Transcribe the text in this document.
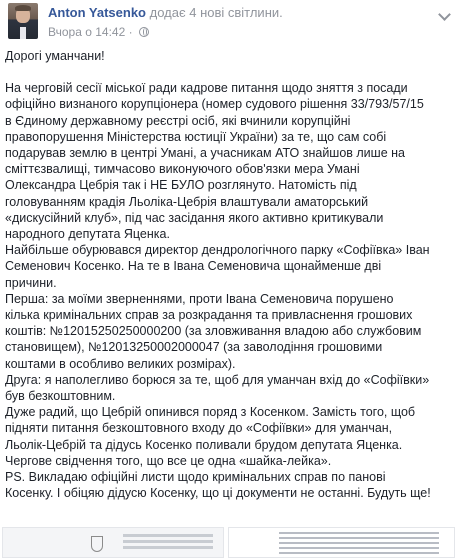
Anton Yatsenko додає 4 нові світлини.
Вчора о 14:42 ·

Дорогі уманчани!

На черговій сесії міської ради кадрове питання щодо зняття з посади
офіційно визнаного корупціонера (номер судового рішення 33/793/57/15
в Єдиному державному реєстрі осіб, які вчинили корупційні
правопорушення Міністерства юстиції України) за те, що сам собі
подарував землю в центрі Умані, а учасникам АТО знайшов лише на
сміттєзвалищі, тимчасово виконуючого обов'язки мера Умані
Олександра Цебрія так і НЕ БУЛО розглянуто. Натомість під
головуванням крадія Льоліка-Цебрія влаштували аматорський
«дискусійний клуб», під час засідання якого активно критикували
народного депутата Яценка.

Найбільше обурювався директор дендрологічного парку «Софіївка» Іван
Семенович Косенко. На те в Івана Семеновича щонайменше дві
причини.

Перша: за моїми зверненнями, проти Івана Семеновича порушено
кілька кримінальних справ за розкрадання та привласнення грошових
коштів: №12015250250000200 (за зловживання владою або службовим
становищем), №12013250002000047 (за заволодіння грошовими
коштами в особливо великих розмірах).

Друга: я наполегливо борюся за те, щоб для уманчан вхід до «Софіївки»
був безкоштовним.

Дуже радий, що Цебрій опинився поряд з Косенком. Замість того, щоб
підняти питання безкоштовного входу до «Софіївки» для уманчан,
Льолік-Цебрій та дідусь Косенко поливали брудом депутата Яценка.
Чергове свідчення того, що все це одна «шайка-лейка».
PS. Викладаю офіційні листи щодо кримінальних справ по панові
Косенку. І обіцяю дідусю Косенку, що ці документи не останні. Будуть ще!
